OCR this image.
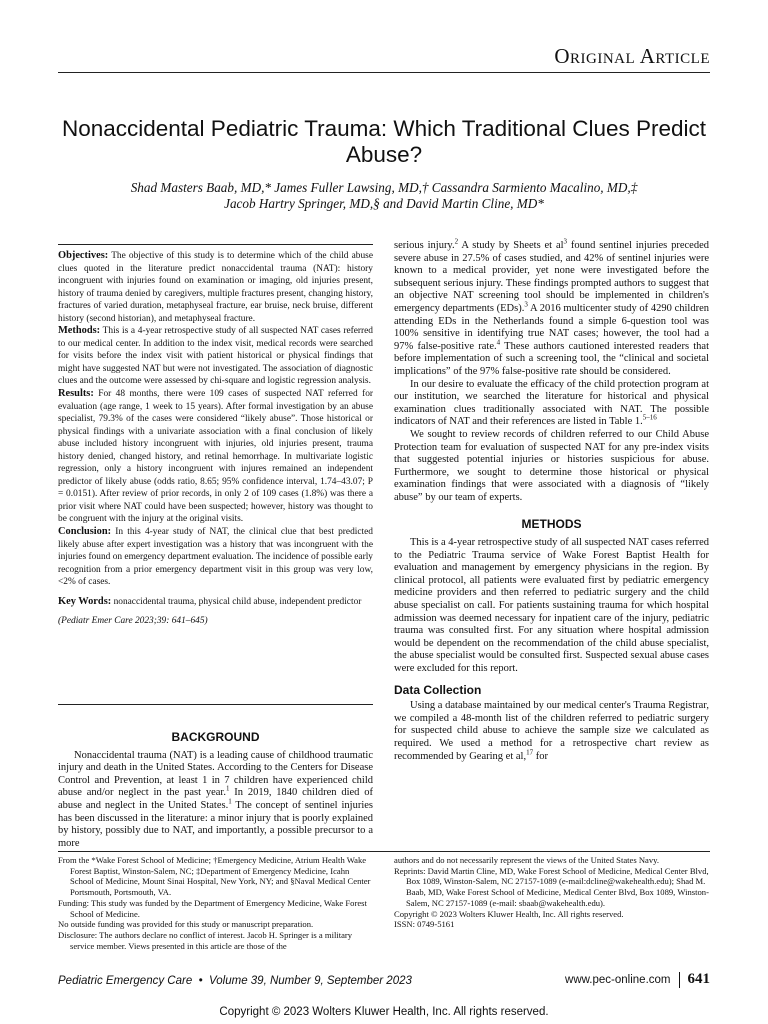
Original Article
Nonaccidental Pediatric Trauma: Which Traditional Clues Predict Abuse?
Shad Masters Baab, MD,* James Fuller Lawsing, MD,† Cassandra Sarmiento Macalino, MD,‡
Jacob Hartry Springer, MD,§ and David Martin Cline, MD*

Objectives: The objective of this study is to determine which of the child abuse clues quoted in the literature predict nonaccidental trauma (NAT): history incongruent with injuries found on examination or imaging, old injuries present, history of trauma denied by caregivers, multiple fractures present, changing history, fractures of varied duration, metaphyseal fracture, ear bruise, neck bruise, different history (second historian), and metaphyseal fracture.

Methods: This is a 4-year retrospective study of all suspected NAT cases referred to our medical center. In addition to the index visit, medical records were searched for visits before the index visit with patient historical or physical findings that might have suggested NAT but were not investigated. The association of diagnostic clues and the outcome were assessed by chi-square and logistic regression analysis.

Results: For 48 months, there were 109 cases of suspected NAT referred for evaluation (age range, 1 week to 15 years). After formal investigation by an abuse specialist, 79.3% of the cases were considered “likely abuse”. Those historical or physical findings with a univariate association with a final conclusion of likely abuse included history incongruent with injuries, old injuries present, trauma history denied, changed history, and retinal hemorrhage. In multivariate logistic regression, only a history incongruent with injures remained an independent predictor of likely abuse (odds ratio, 8.65; 95% confidence interval, 1.74–43.07; P = 0.0151). After review of prior records, in only 2 of 109 cases (1.8%) was there a prior visit where NAT could have been suspected; however, history was thought to be congruent with the injury at the original visits.

Conclusion: In this 4-year study of NAT, the clinical clue that best predicted likely abuse after expert investigation was a history that was incongruent with the injuries found on emergency department evaluation. The incidence of possible early recognition from a prior emergency department visit in this group was very low, <2% of cases.

Key Words: nonaccidental trauma, physical child abuse, independent predictor

(Pediatr Emer Care 2023;39: 641–645)

BACKGROUND

Nonaccidental trauma (NAT) is a leading cause of childhood traumatic injury and death in the United States. According to the Centers for Disease Control and Prevention, at least 1 in 7 children have experienced child abuse and/or neglect in the past year.$^1$ In 2019, 1840 children died of abuse and neglect in the United States.$^1$ The concept of sentinel injuries has been discussed in the literature: a minor injury that is poorly explained by history, possibly due to NAT, and importantly, a possible precursor to a more

serious injury.$^2$ A study by Sheets et $al^3$ found sentinel injuries preceded severe abuse in 27.5% of cases studied, and 42% of sentinel injuries were known to a medical provider, yet none were investigated before the subsequent serious injury. These findings prompted authors to suggest that an objective NAT screening tool should be implemented in children's emergency departments (EDs).$^3$ A 2016 multicenter study of 4290 children attending EDs in the Netherlands found a simple 6-question tool was 100% sensitive in identifying true NAT cases; however, the tool had a 97% false-positive rate.$^4$ These authors cautioned interested readers that before implementation of such a screening tool, the “clinical and societal implications” of the 97% false-positive rate should be considered.

In our desire to evaluate the efficacy of the child protection program at our institution, we searched the literature for historical and physical examination clues traditionally associated with NAT. The possible indicators of NAT and their references are listed in Table 1.$^{5-16}$

We sought to review records of children referred to our Child Abuse Protection team for evaluation of suspected NAT for any pre-index visits that suggested potential injuries or histories suspicious for abuse. Furthermore, we sought to determine those historical or physical examination findings that were associated with a diagnosis of “likely abuse” by our team of experts.

METHODS

This is a 4-year retrospective study of all suspected NAT cases referred to the Pediatric Trauma service of Wake Forest Baptist Health for evaluation and management by emergency physicians in the region. By clinical protocol, all patients were evaluated first by pediatric emergency medicine providers and then referred to pediatric surgery and the child abuse specialist on call. For patients sustaining trauma for which hospital admission was deemed necessary for inpatient care of the injury, pediatric trauma was consulted first. For any situation where hospital admission would be dependent on the recommendation of the child abuse specialist, the abuse specialist would be consulted first. Suspected sexual abuse cases were excluded for this report.

Data Collection

Using a database maintained by our medical center's Trauma Registrar, we compiled a 48-month list of the children referred to pediatric surgery for suspected child abuse to achieve the sample size we calculated as required. We used a method for a retrospective chart review as recommended by Gearing et al,$^{17}$ for

From the *Wake Forest School of Medicine; †Emergency Medicine, Atrium Health Wake Forest Baptist, Winston-Salem, NC; ‡Department of Emergency Medicine, Icahn School of Medicine, Mount Sinai Hospital, New York, NY; and §Naval Medical Center Portsmouth, Portsmouth, VA.

Funding: This study was funded by the Department of Emergency Medicine, Wake Forest School of Medicine.

No outside funding was provided for this study or manuscript preparation.

Disclosure: The authors declare no conflict of interest. Jacob H. Springer is a military service member. Views presented in this article are those of the

authors and do not necessarily represent the views of the United States Navy.

Reprints: David Martin Cline, MD, Wake Forest School of Medicine, Medical Center Blvd, Box 1089, Winston-Salem, NC 27157-1089 (e-mail:dcline@wakehealth.edu); Shad M. Baab, MD, Wake Forest School of Medicine, Medical Center Blvd, Box 1089, Winston-Salem, NC 27157-1089 (e-mail: sbaab@wakehealth.edu).

Copyright © 2023 Wolters Kluwer Health, Inc. All rights reserved.

ISSN: 0749-5161

Pediatric Emergency Care  •  Volume 39, Number 9, September 2023	www.pec-online.com 641
Copyright © 2023 Wolters Kluwer Health, Inc. All rights reserved.
